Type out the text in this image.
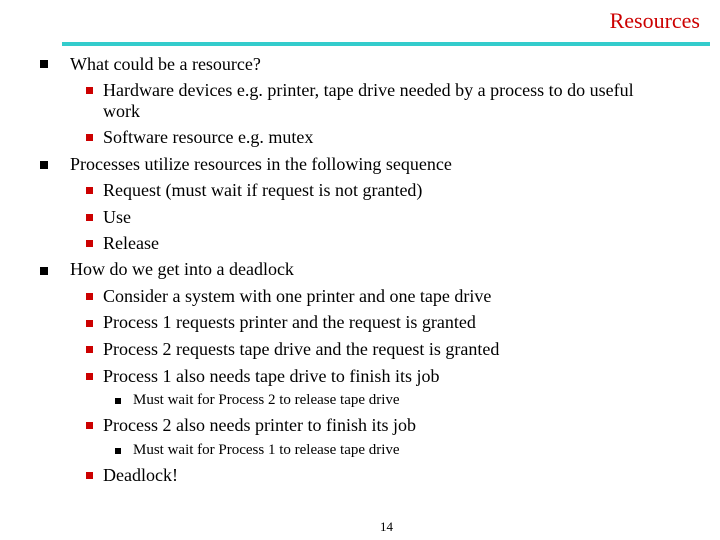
Resources
What could be a resource?
Hardware devices e.g. printer, tape drive needed by a process to do useful
work
Software resource e.g. mutex
Processes utilize resources in the following sequence
Request (must wait if request is not granted)
Use
Release
How do we get into a deadlock
Consider a system with one printer and one tape drive
Process 1 requests printer and the request is granted
Process 2 requests tape drive and the request is granted
Process 1 also needs tape drive to finish its job
Must wait for Process 2 to release tape drive
Process 2 also needs printer to finish its job
Must wait for Process 1 to release tape drive
Deadlock!
14
